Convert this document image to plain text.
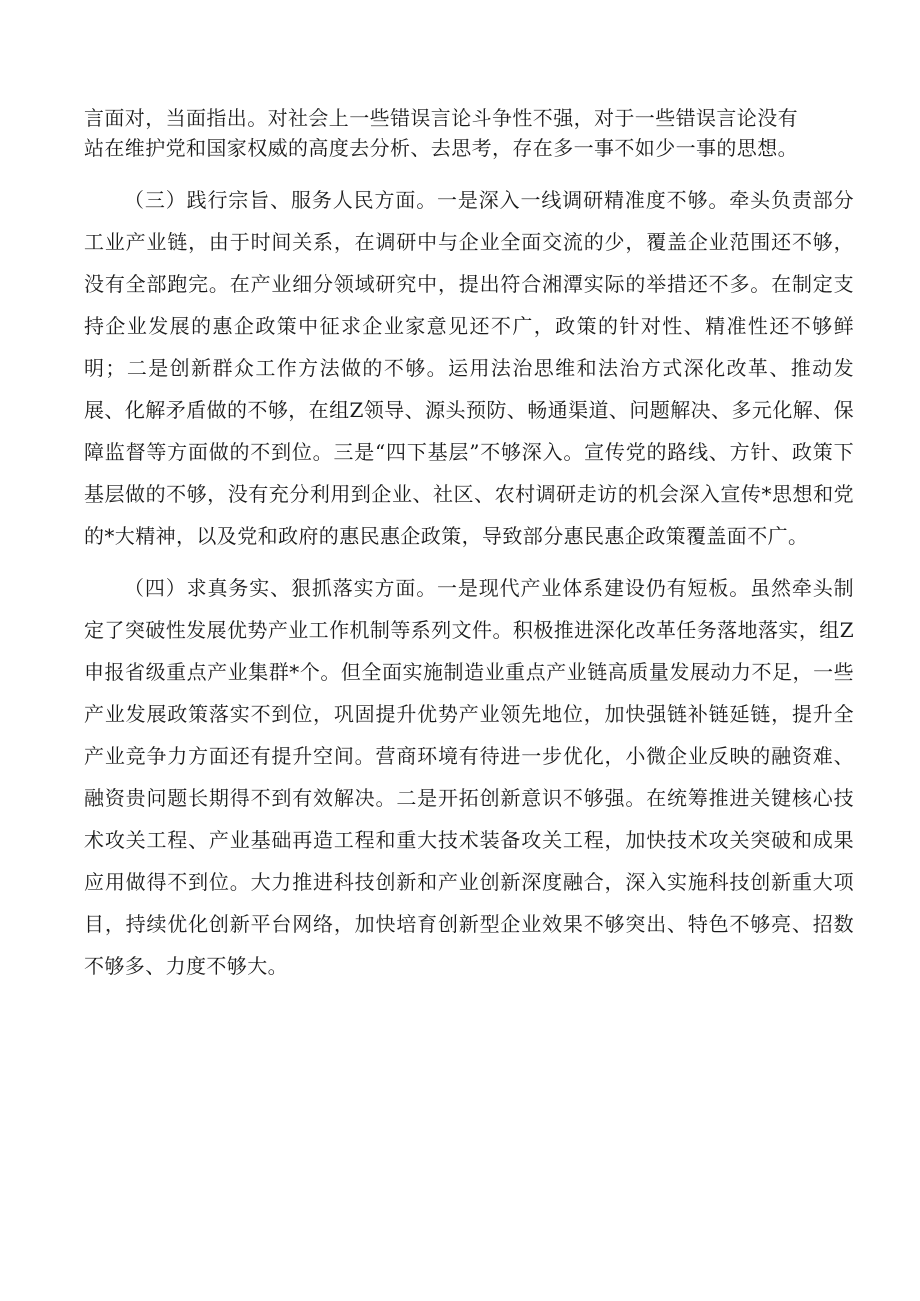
言面对，当面指出。对社会上一些错误言论斗争性不强，对于一些错误言论没有

站在维护党和国家权威的高度去分析、去思考，存在多一事不如少一事的思想。

（三）践行宗旨、服务人民方面。一是深入一线调研精准度不够。牵头负责部分工业产业链，由于时间关系，在调研中与企业全面交流的少，覆盖企业范围还不够，没有全部跑完。在产业细分领域研究中，提出符合湘潭实际的举措还不多。在制定支持企业发展的惠企政策中征求企业家意见还不广，政策的针对性、精准性还不够鲜明；二是创新群众工作方法做的不够。运用法治思维和法治方式深化改革、推动发展、化解矛盾做的不够，在组Z领导、源头预防、畅通渠道、问题解决、多元化解、保障监督等方面做的不到位。三是“四下基层”不够深入。宣传党的路线、方针、政策下基层做的不够，没有充分利用到企业、社区、农村调研走访的机会深入宣传*思想和党的*大精神，以及党和政府的惠民惠企政策，导致部分惠民惠企政策覆盖面不广。

（四）求真务实、狠抓落实方面。一是现代产业体系建设仍有短板。虽然牵头制定了突破性发展优势产业工作机制等系列文件。积极推进深化改革任务落地落实，组Z申报省级重点产业集群*个。但全面实施制造业重点产业链高质量发展动力不足，一些产业发展政策落实不到位，巩固提升优势产业领先地位，加快强链补链延链，提升全产业竞争力方面还有提升空间。营商环境有待进一步优化，小微企业反映的融资难、融资贵问题长期得不到有效解决。二是开拓创新意识不够强。在统筹推进关键核心技术攻关工程、产业基础再造工程和重大技术装备攻关工程，加快技术攻关突破和成果应用做得不到位。大力推进科技创新和产业创新深度融合，深入实施科技创新重大项目，持续优化创新平台网络，加快培育创新型企业效果不够突出、特色不够亮、招数不够多、力度不够大。
